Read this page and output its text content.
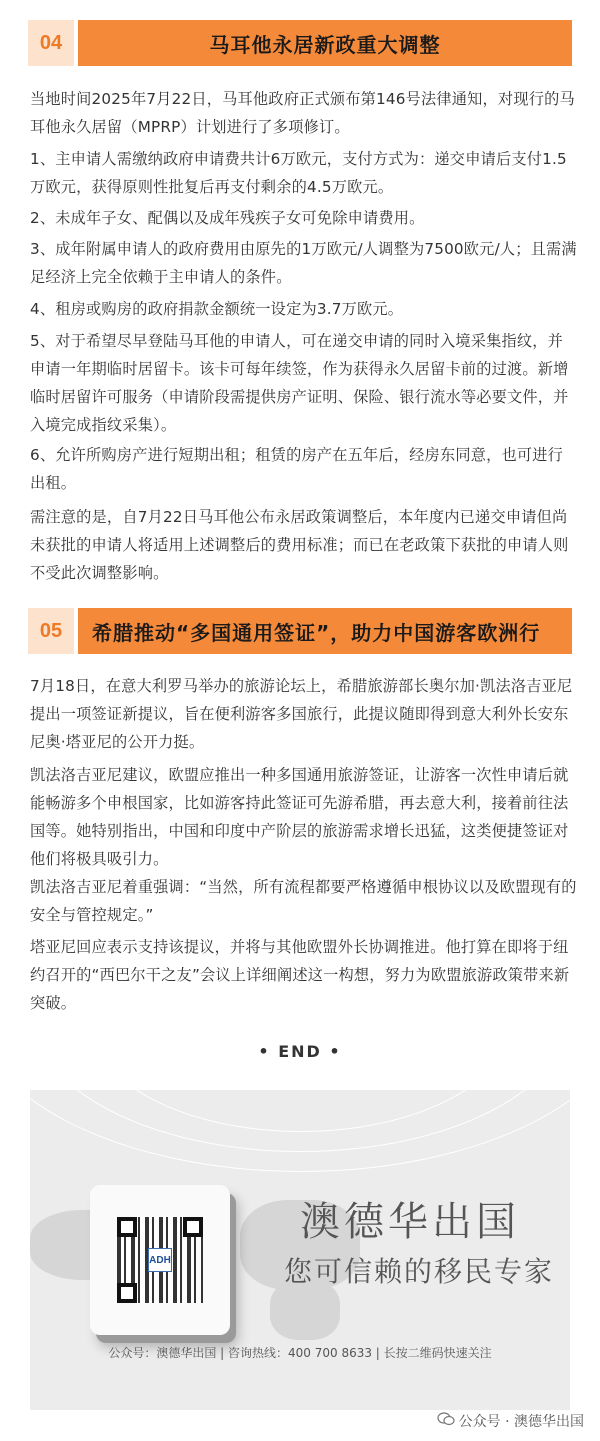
04	马耳他永居新政重大调整

当地时间2025年7月22日，马耳他政府正式颁布第146号法律通知，对现行的马耳他永久居留（MPRP）计划进行了多项修订。

1、主申请人需缴纳政府申请费共计6万欧元，支付方式为：递交申请后支付1.5万欧元，获得原则性批复后再支付剩余的4.5万欧元。

2、未成年子女、配偶以及成年残疾子女可免除申请费用。

3、成年附属申请人的政府费用由原先的1万欧元/人调整为7500欧元/人；且需满足经济上完全依赖于主申请人的条件。

4、租房或购房的政府捐款金额统一设定为3.7万欧元。

5、对于希望尽早登陆马耳他的申请人，可在递交申请的同时入境采集指纹，并申请一年期临时居留卡。该卡可每年续签，作为获得永久居留卡前的过渡。新增临时居留许可服务（申请阶段需提供房产证明、保险、银行流水等必要文件，并入境完成指纹采集）。

6、允许所购房产进行短期出租；租赁的房产在五年后，经房东同意，也可进行出租。

需注意的是，自7月22日马耳他公布永居政策调整后，本年度内已递交申请但尚未获批的申请人将适用上述调整后的费用标准；而已在老政策下获批的申请人则不受此次调整影响。

05	希腊推动“多国通用签证”，助力中国游客欧洲行

7月18日，在意大利罗马举办的旅游论坛上，希腊旅游部长奥尔加·凯法洛吉亚尼提出一项签证新提议，旨在便利游客多国旅行，此提议随即得到意大利外长安东尼奥·塔亚尼的公开力挺。

凯法洛吉亚尼建议，欧盟应推出一种多国通用旅游签证，让游客一次性申请后就能畅游多个申根国家，比如游客持此签证可先游希腊，再去意大利，接着前往法国等。她特别指出，中国和印度中产阶层的旅游需求增长迅猛，这类便捷签证对他们将极具吸引力。

凯法洛吉亚尼着重强调：“当然，所有流程都要严格遵循申根协议以及欧盟现有的安全与管控规定。”

塔亚尼回应表示支持该提议，并将与其他欧盟外长协调推进。他打算在即将于纽约召开的“西巴尔干之友”会议上详细阐述这一构想，努力为欧盟旅游政策带来新突破。

• END •
ADH
澳德华出国
您可信赖的移民专家
公众号：澳德华出国 | 咨询热线：400 700 8633 | 长按二维码快速关注
公众号 · 澳德华出国
